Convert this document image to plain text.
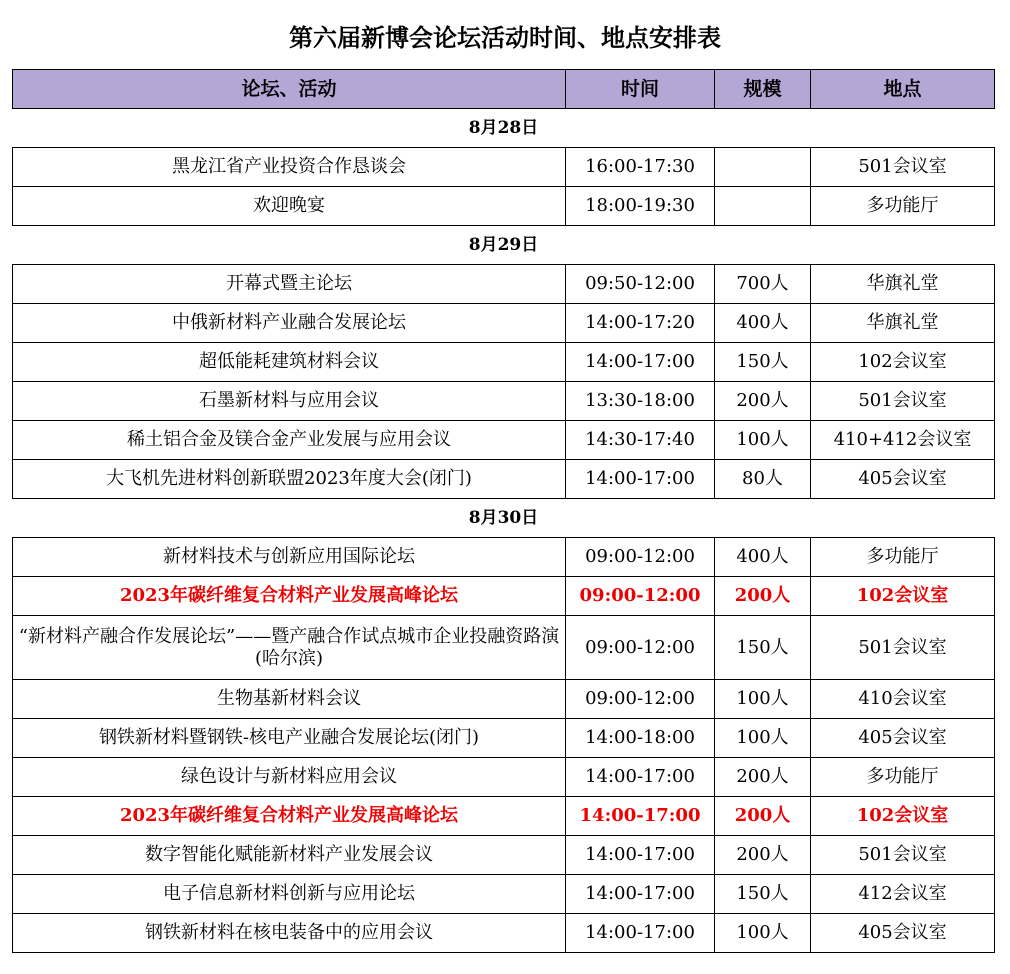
第六届新博会论坛活动时间、地点安排表
论坛、活动	时间	规模	地点
8月28日			
黑龙江省产业投资合作恳谈会	16:00-17:30		501会议室
欢迎晚宴	18:00-19:30		多功能厅
8月29日			
开幕式暨主论坛	09:50-12:00	700人	华旗礼堂
中俄新材料产业融合发展论坛	14:00-17:20	400人	华旗礼堂
超低能耗建筑材料会议	14:00-17:00	150人	102会议室
石墨新材料与应用会议	13:30-18:00	200人	501会议室
稀土铝合金及镁合金产业发展与应用会议	14:30-17:40	100人	410+412会议室
大飞机先进材料创新联盟2023年度大会(闭门)	14:00-17:00	80人	405会议室
8月30日			
新材料技术与创新应用国际论坛	09:00-12:00	400人	多功能厅
2023年碳纤维复合材料产业发展高峰论坛	09:00-12:00	200人	102会议室
“新材料产融合作发展论坛”——暨产融合作试点城市企业投融资路演(哈尔滨)	09:00-12:00	150人	501会议室
生物基新材料会议	09:00-12:00	100人	410会议室
钢铁新材料暨钢铁-核电产业融合发展论坛(闭门)	14:00-18:00	100人	405会议室
绿色设计与新材料应用会议	14:00-17:00	200人	多功能厅
2023年碳纤维复合材料产业发展高峰论坛	14:00-17:00	200人	102会议室
数字智能化赋能新材料产业发展会议	14:00-17:00	200人	501会议室
电子信息新材料创新与应用论坛	14:00-17:00	150人	412会议室
钢铁新材料在核电装备中的应用会议	14:00-17:00	100人	405会议室
